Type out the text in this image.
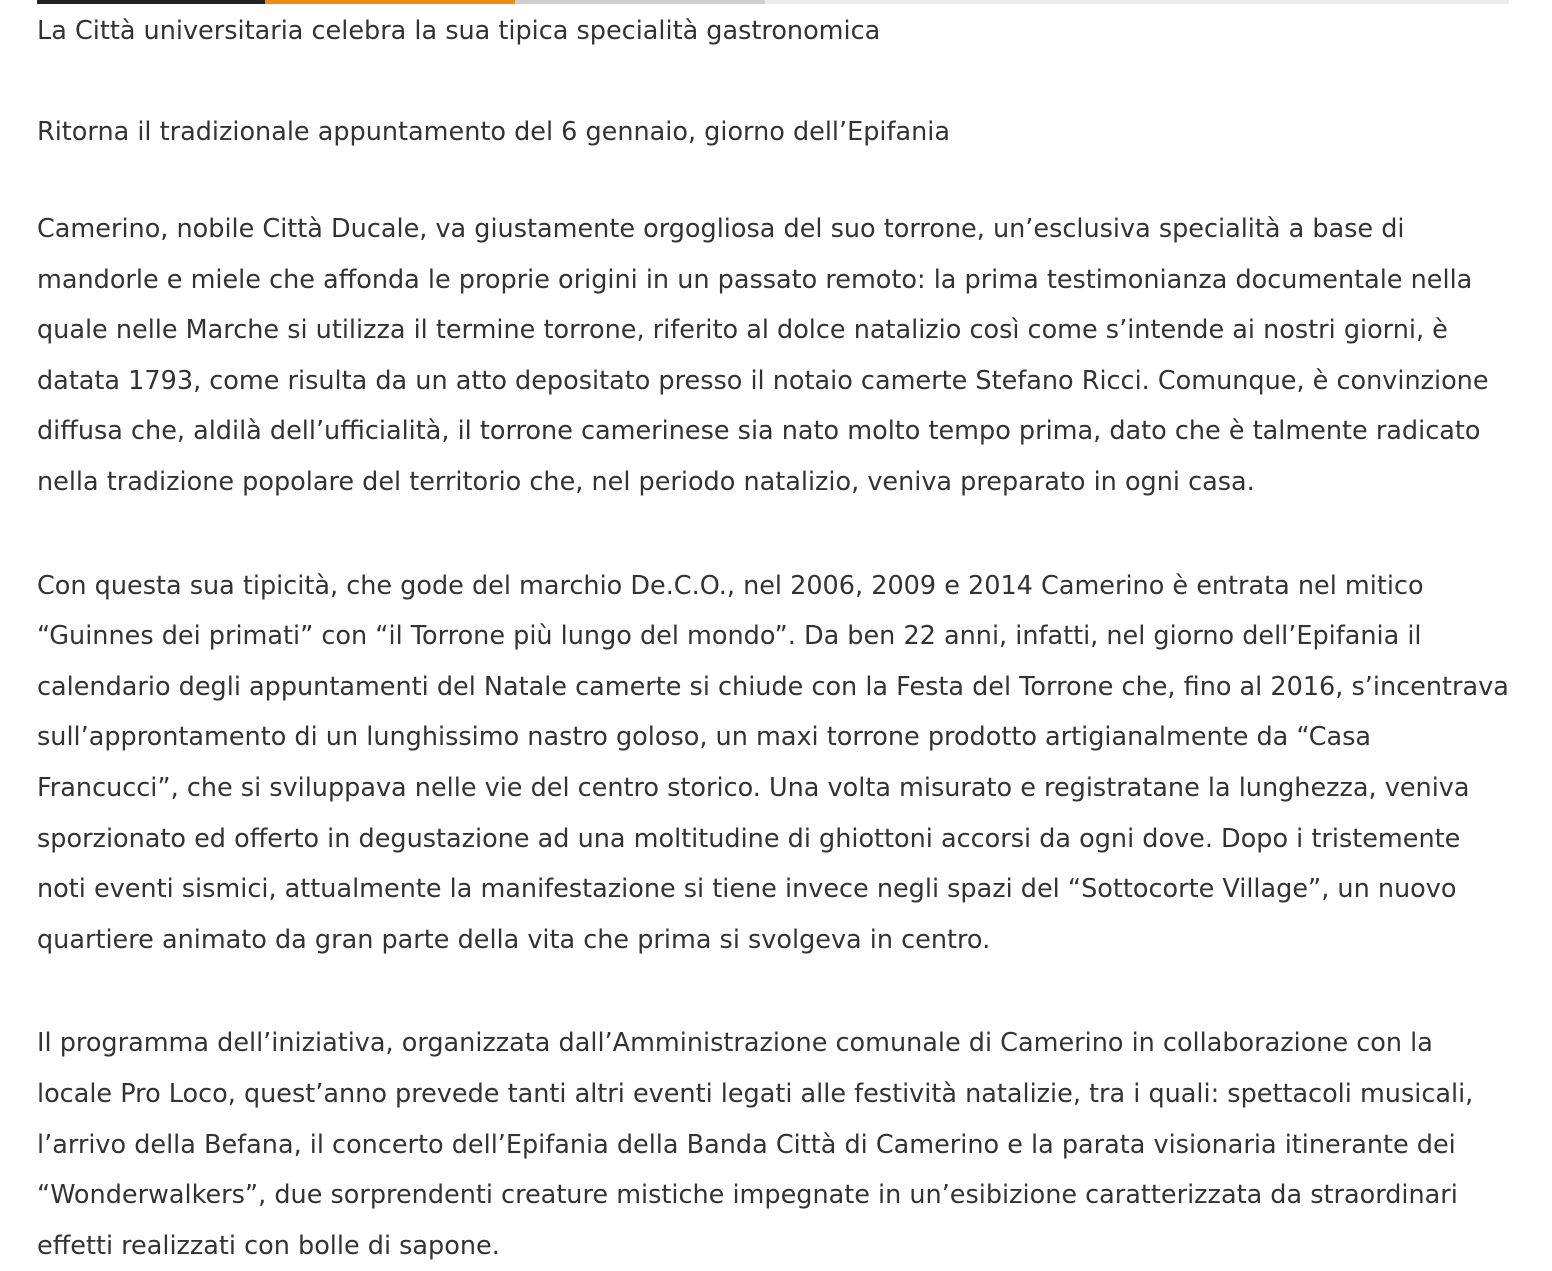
La Città universitaria celebra la sua tipica specialità gastronomica
Ritorna il tradizionale appuntamento del 6 gennaio, giorno dell’Epifania

Camerino, nobile Città Ducale, va giustamente orgogliosa del suo torrone, un’esclusiva specialità a base di mandorle e miele che affonda le proprie origini in un passato remoto: la prima testimonianza documentale nella quale nelle Marche si utilizza il termine torrone, riferito al dolce natalizio così come s’intende ai nostri giorni, è datata 1793, come risulta da un atto depositato presso il notaio camerte Stefano Ricci. Comunque, è convinzione diffusa che, aldilà dell’ufficialità, il torrone camerinese sia nato molto tempo prima, dato che è talmente radicato nella tradizione popolare del territorio che, nel periodo natalizio, veniva preparato in ogni casa.

Con questa sua tipicità, che gode del marchio De.C.O., nel 2006, 2009 e 2014 Camerino è entrata nel mitico “Guinnes dei primati” con “il Torrone più lungo del mondo”. Da ben 22 anni, infatti, nel giorno dell’Epifania il calendario degli appuntamenti del Natale camerte si chiude con la Festa del Torrone che, fino al 2016, s’incentrava sull’approntamento di un lunghissimo nastro goloso, un maxi torrone prodotto artigianalmente da “Casa Francucci”, che si sviluppava nelle vie del centro storico. Una volta misurato e registratane la lunghezza, veniva sporzionato ed offerto in degustazione ad una moltitudine di ghiottoni accorsi da ogni dove. Dopo i tristemente noti eventi sismici, attualmente la manifestazione si tiene invece negli spazi del “Sottocorte Village”, un nuovo quartiere animato da gran parte della vita che prima si svolgeva in centro.

Il programma dell’iniziativa, organizzata dall’Amministrazione comunale di Camerino in collaborazione con la locale Pro Loco, quest’anno prevede tanti altri eventi legati alle festività natalizie, tra i quali: spettacoli musicali, l’arrivo della Befana, il concerto dell’Epifania della Banda Città di Camerino e la parata visionaria itinerante dei “Wonderwalkers”, due sorprendenti creature mistiche impegnate in un’esibizione caratterizzata da straordinari effetti realizzati con bolle di sapone.
